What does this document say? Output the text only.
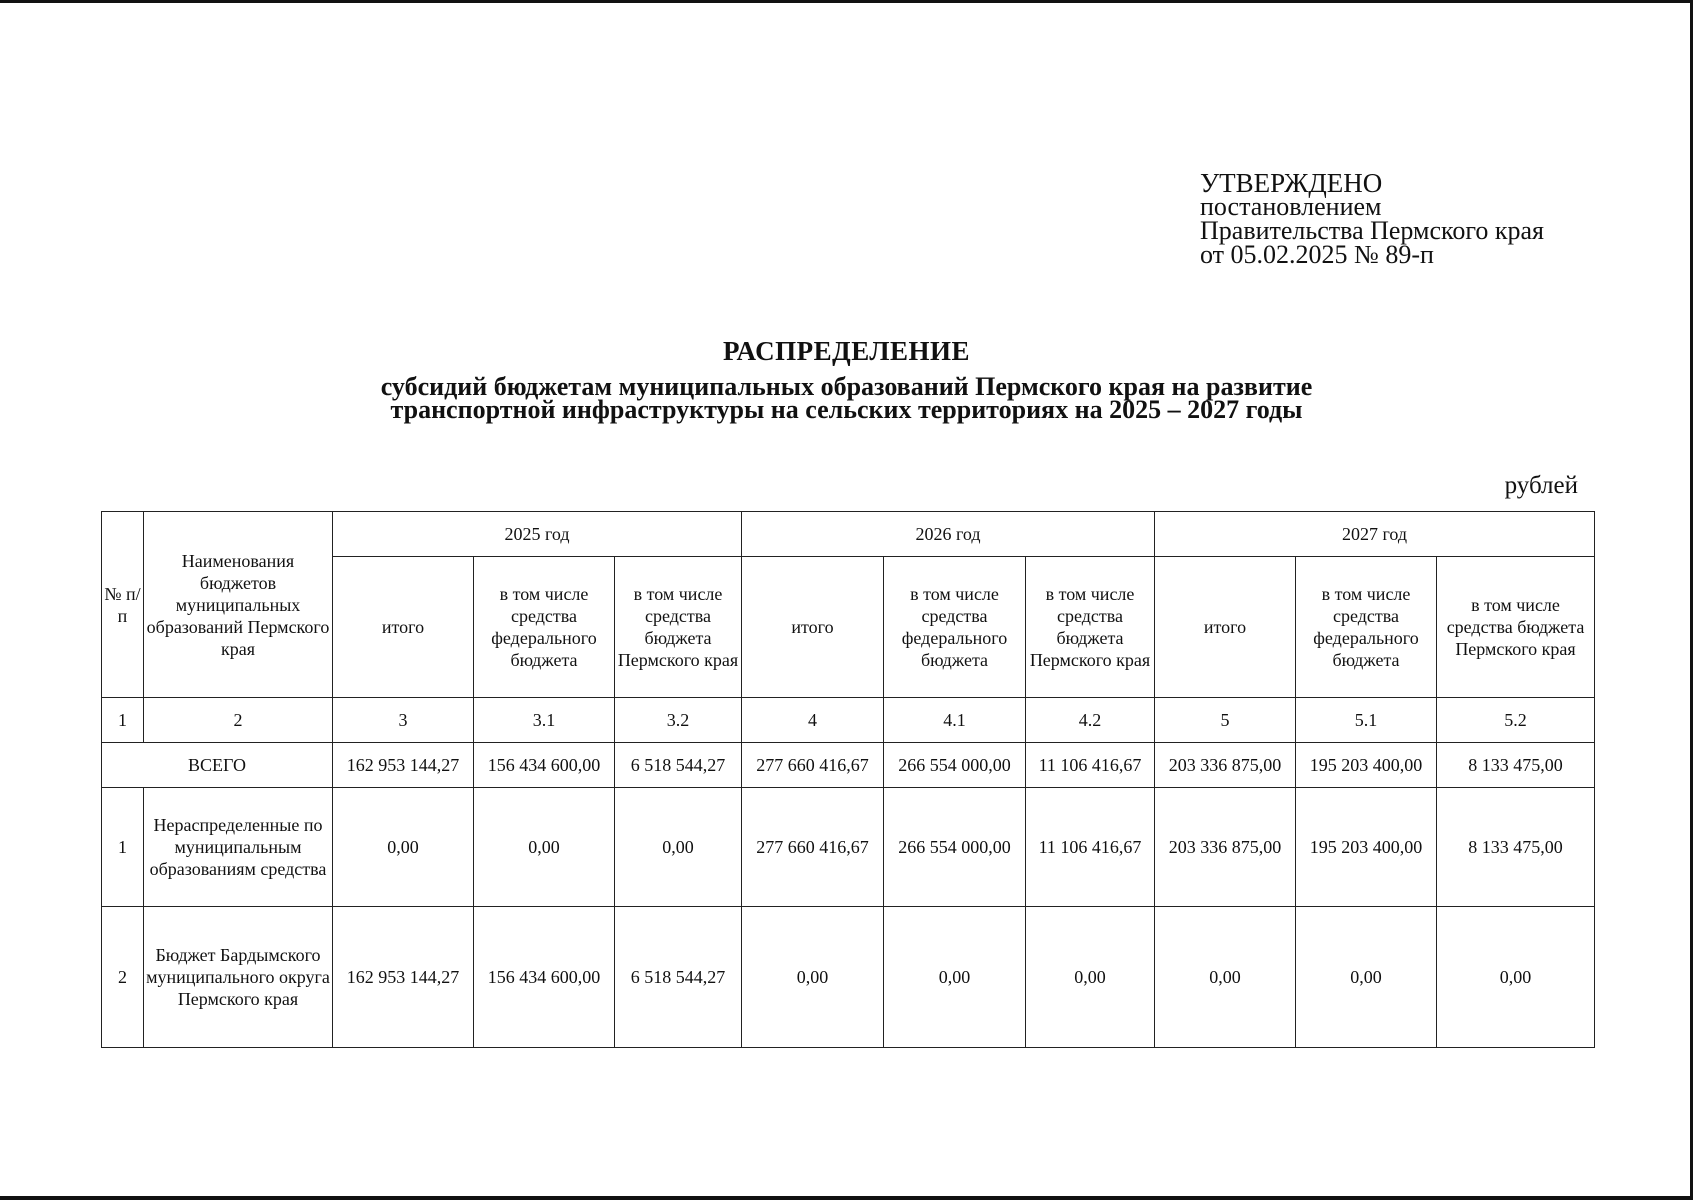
УТВЕРЖДЕНО
постановлением
Правительства Пермского края
от 05.02.2025 № 89-п
РАСПРЕДЕЛЕНИЕ
субсидий бюджетам муниципальных образований Пермского края на развитие
транспортной инфраструктуры на сельских территориях на 2025 – 2027 годы
рублей
№ п/п	Наименования бюджетов муниципальных образований Пермского края	2025 год			2026 год			2027 год		
		итого	в том числе средства федерального бюджета	в том числе средства бюджета Пермского края	итого	в том числе средства федерального бюджета	в том числе средства бюджета Пермского края	итого	в том числе средства федерального бюджета	в том числе средства бюджета Пермского края
1	2	3	3.1	3.2	4	4.1	4.2	5	5.1	5.2
ВСЕГО		162 953 144,27	156 434 600,00	6 518 544,27	277 660 416,67	266 554 000,00	11 106 416,67	203 336 875,00	195 203 400,00	8 133 475,00
1	Нераспределенные по муниципальным образованиям средства	0,00	0,00	0,00	277 660 416,67	266 554 000,00	11 106 416,67	203 336 875,00	195 203 400,00	8 133 475,00
2	Бюджет Бардымского муниципального округа Пермского края	162 953 144,27	156 434 600,00	6 518 544,27	0,00	0,00	0,00	0,00	0,00	0,00
